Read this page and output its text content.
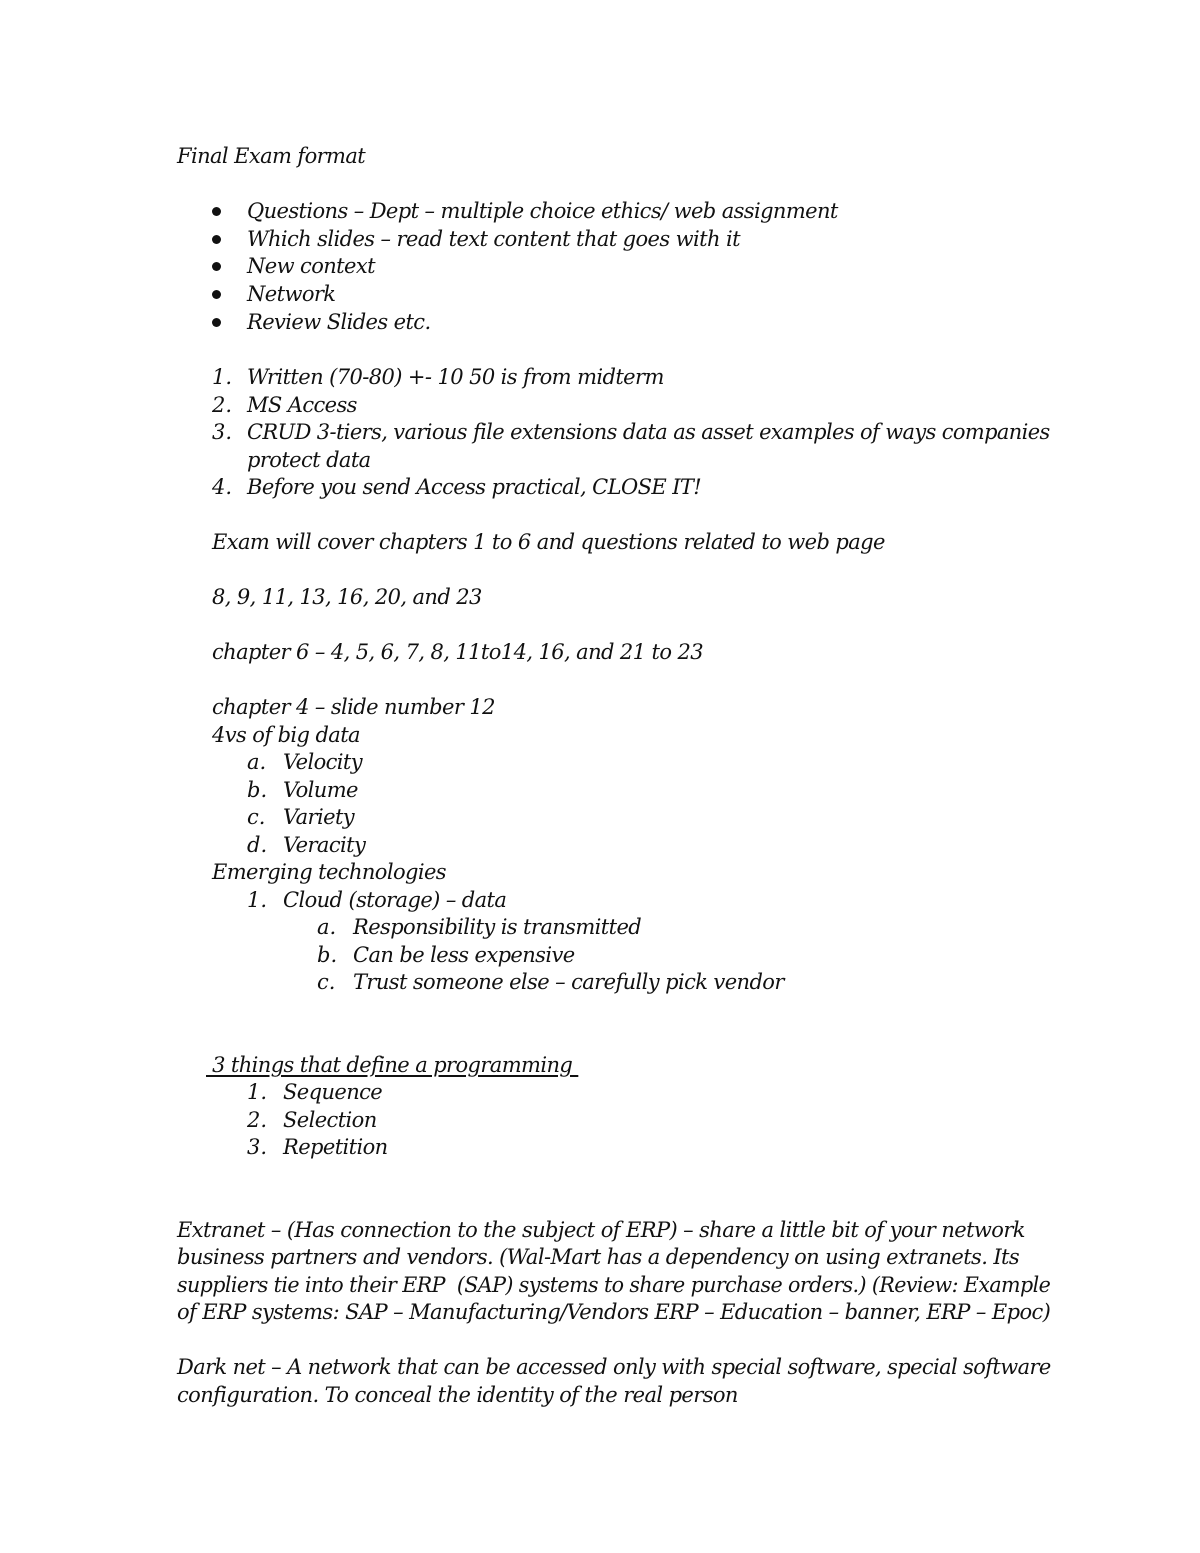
Final Exam format
Questions – Dept – multiple choice ethics/ web assignment
Which slides – read text content that goes with it
New context
Network
Review Slides etc.
1. Written (70-80) +- 10 50 is from midterm
2. MS Access
3. CRUD 3-tiers, various file extensions data as asset examples of ways companies
protect data
4. Before you send Access practical, CLOSE IT!
Exam will cover chapters 1 to 6 and questions related to web page
8, 9, 11, 13, 16, 20, and 23
chapter 6 – 4, 5, 6, 7, 8, 11to14, 16, and 21 to 23
chapter 4 – slide number 12
4vs of big data
a. Velocity
b. Volume
c. Variety
d. Veracity
Emerging technologies
1. Cloud (storage) – data
a. Responsibility is transmitted
b. Can be less expensive
c. Trust someone else – carefully pick vendor
3 things that define a programming
1. Sequence
2. Selection
3. Repetition
Extranet – (Has connection to the subject of ERP) – share a little bit of your network
business partners and vendors. (Wal-Mart has a dependency on using extranets. Its
suppliers tie into their ERP  (SAP) systems to share purchase orders.) (Review: Example
of ERP systems: SAP – Manufacturing/Vendors ERP – Education – banner, ERP – Epoc)
Dark net – A network that can be accessed only with special software, special software
configuration. To conceal the identity of the real person
